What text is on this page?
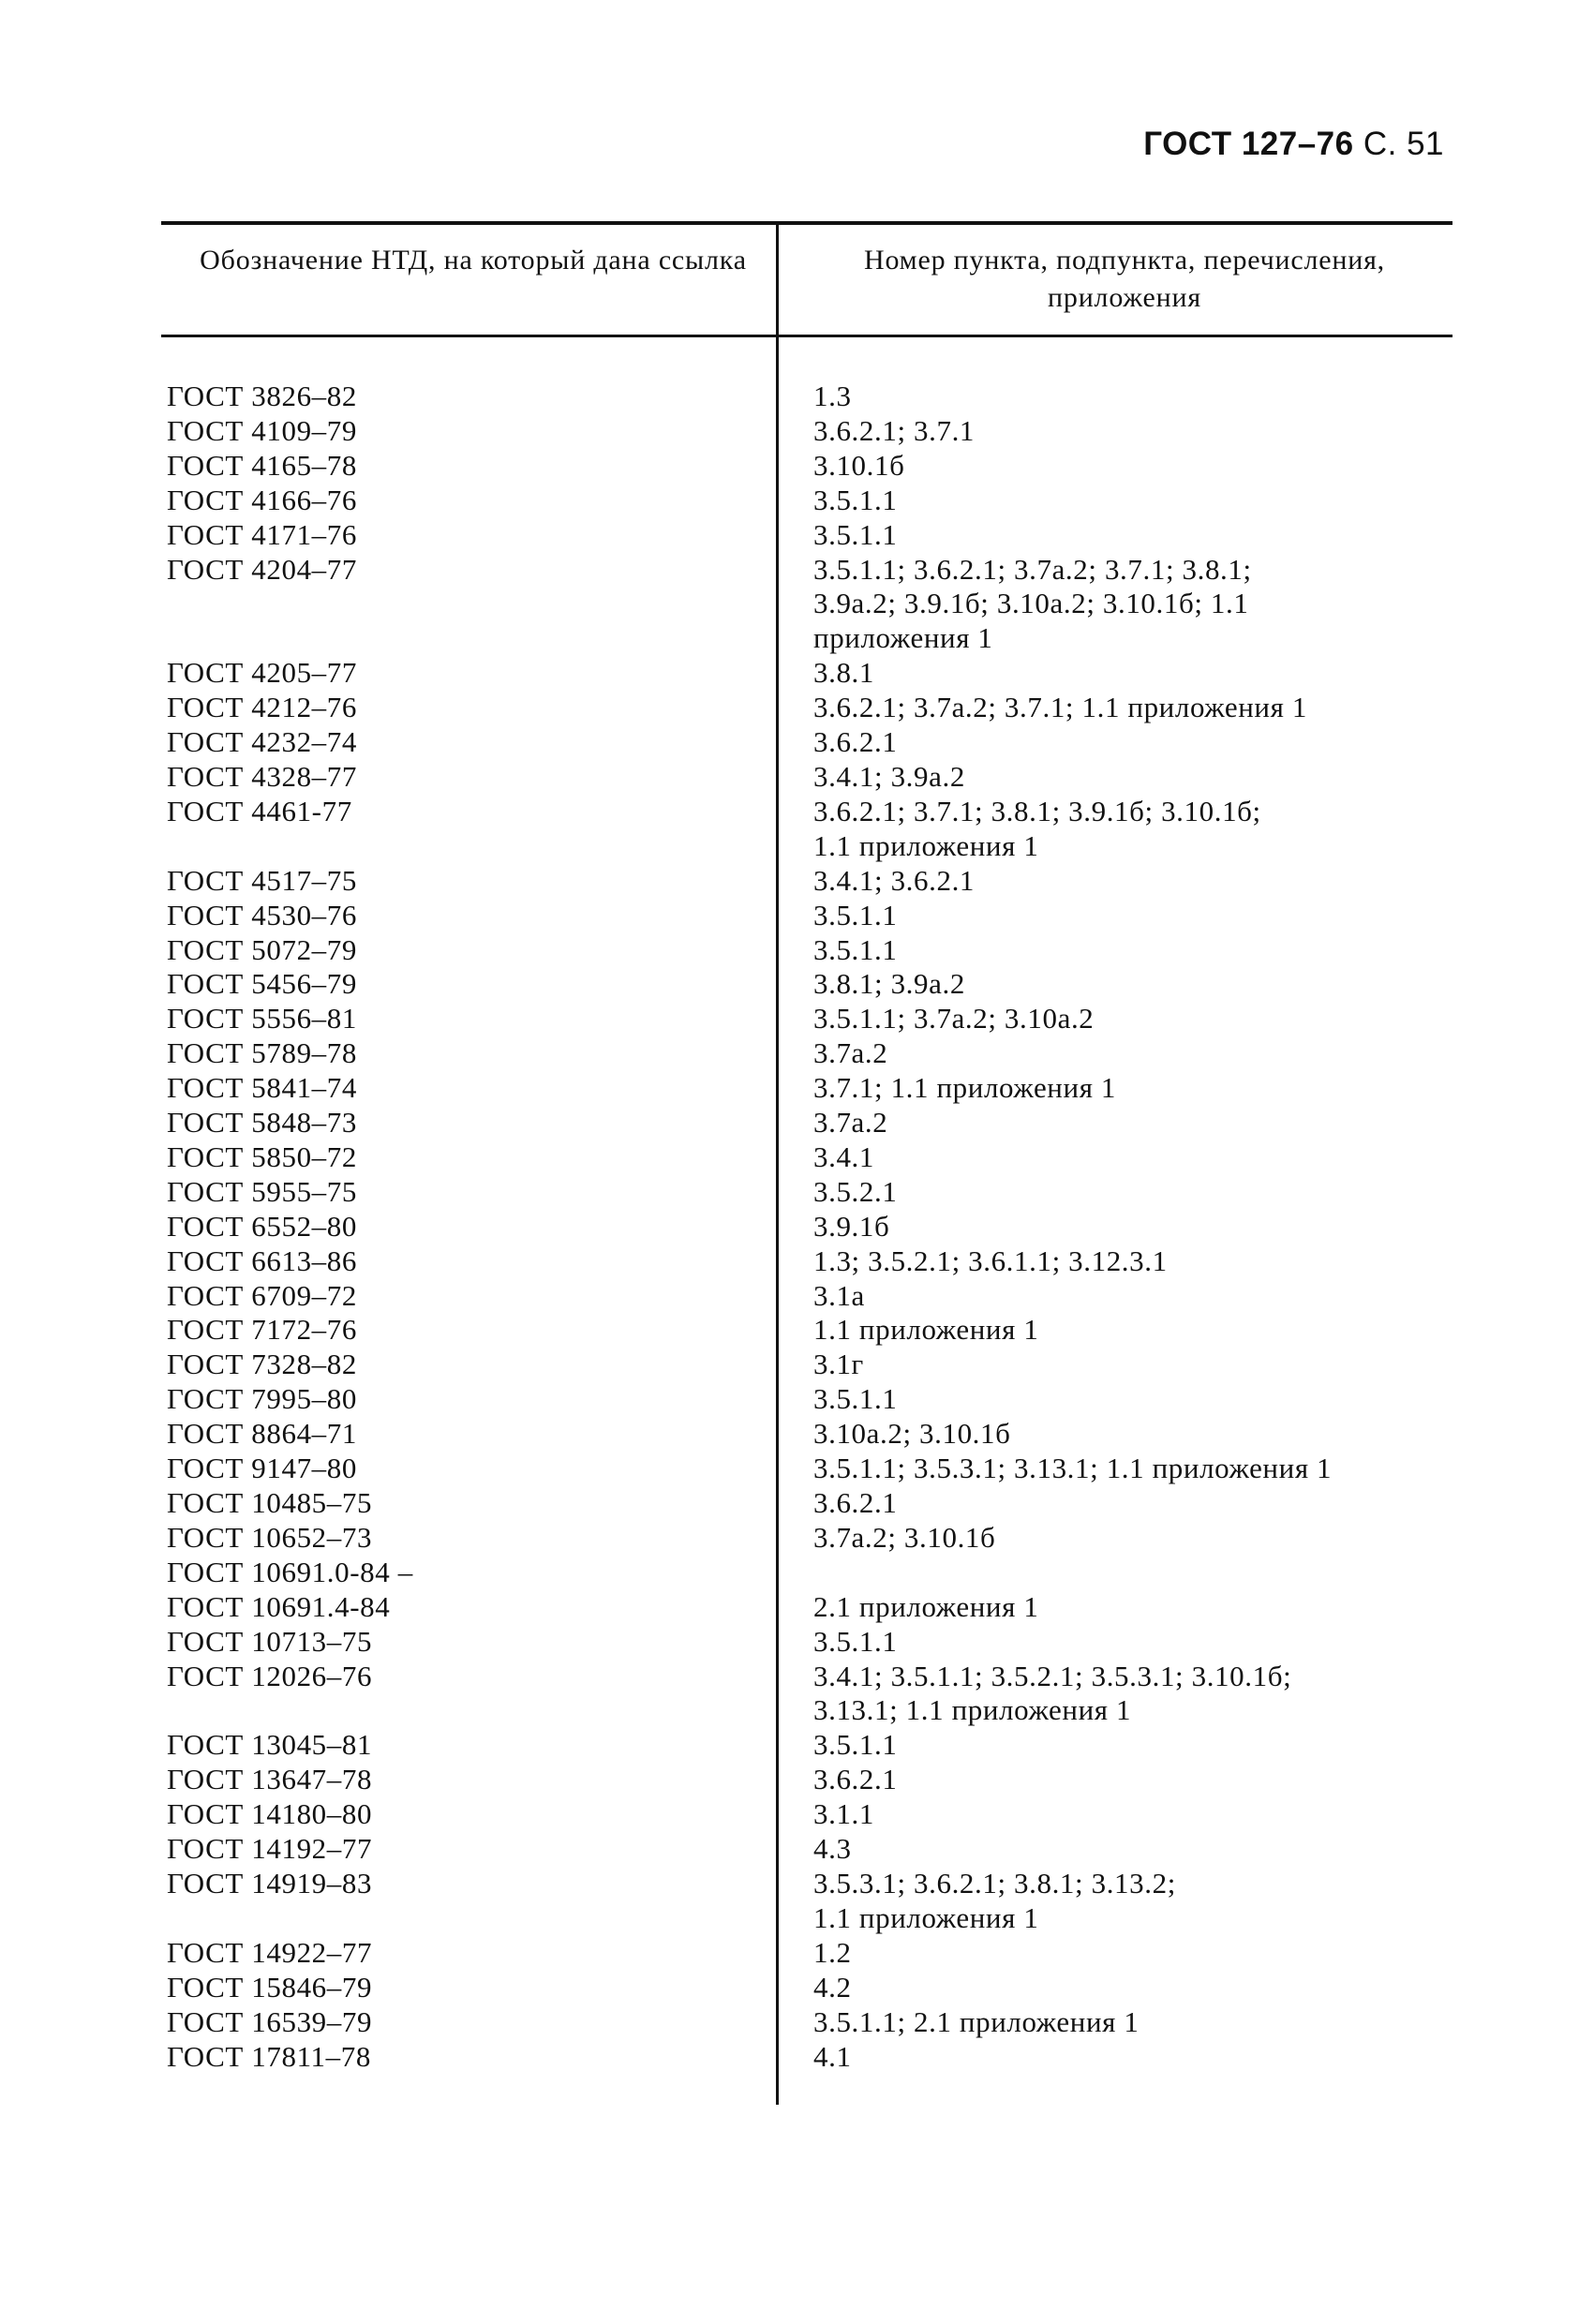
ГОСТ 127–76 С. 51
Обозначение НТД, на который дана ссылка	Номер пункта, подпункта, перечисления, приложения
ГОСТ 3826–82	1.3
ГОСТ 4109–79	3.6.2.1; 3.7.1
ГОСТ 4165–78	3.10.1б
ГОСТ 4166–76	3.5.1.1
ГОСТ 4171–76	3.5.1.1
ГОСТ 4204–77	3.5.1.1; 3.6.2.1; 3.7а.2; 3.7.1; 3.8.1;
3.9а.2; 3.9.1б; 3.10а.2; 3.10.1б; 1.1
приложения 1
ГОСТ 4205–77	3.8.1
ГОСТ 4212–76	3.6.2.1; 3.7а.2; 3.7.1; 1.1 приложения 1
ГОСТ 4232–74	3.6.2.1
ГОСТ 4328–77	3.4.1; 3.9а.2
ГОСТ 4461-77	3.6.2.1; 3.7.1; 3.8.1; 3.9.1б; 3.10.1б;
1.1 приложения 1
ГОСТ 4517–75	3.4.1; 3.6.2.1
ГОСТ 4530–76	3.5.1.1
ГОСТ 5072–79	3.5.1.1
ГОСТ 5456–79	3.8.1; 3.9а.2
ГОСТ 5556–81	3.5.1.1; 3.7а.2; 3.10а.2
ГОСТ 5789–78	3.7а.2
ГОСТ 5841–74	3.7.1; 1.1 приложения 1
ГОСТ 5848–73	3.7а.2
ГОСТ 5850–72	3.4.1
ГОСТ 5955–75	3.5.2.1
ГОСТ 6552–80	3.9.1б
ГОСТ 6613–86	1.3; 3.5.2.1; 3.6.1.1; 3.12.3.1
ГОСТ 6709–72	3.1а
ГОСТ 7172–76	1.1 приложения 1
ГОСТ 7328–82	3.1г
ГОСТ 7995–80	3.5.1.1
ГОСТ 8864–71	3.10а.2; 3.10.1б
ГОСТ 9147–80	3.5.1.1; 3.5.3.1; 3.13.1; 1.1 приложения 1
ГОСТ 10485–75	3.6.2.1
ГОСТ 10652–73	3.7а.2; 3.10.1б
ГОСТ 10691.0-84 –
ГОСТ 10691.4-84	2.1 приложения 1
ГОСТ 10713–75	3.5.1.1
ГОСТ 12026–76	3.4.1; 3.5.1.1; 3.5.2.1; 3.5.3.1; 3.10.1б;
3.13.1; 1.1 приложения 1
ГОСТ 13045–81	3.5.1.1
ГОСТ 13647–78	3.6.2.1
ГОСТ 14180–80	3.1.1
ГОСТ 14192–77	4.3
ГОСТ 14919–83	3.5.3.1; 3.6.2.1; 3.8.1; 3.13.2;
1.1 приложения 1
ГОСТ 14922–77	1.2
ГОСТ 15846–79	4.2
ГОСТ 16539–79	3.5.1.1; 2.1 приложения 1
ГОСТ 17811–78	4.1
